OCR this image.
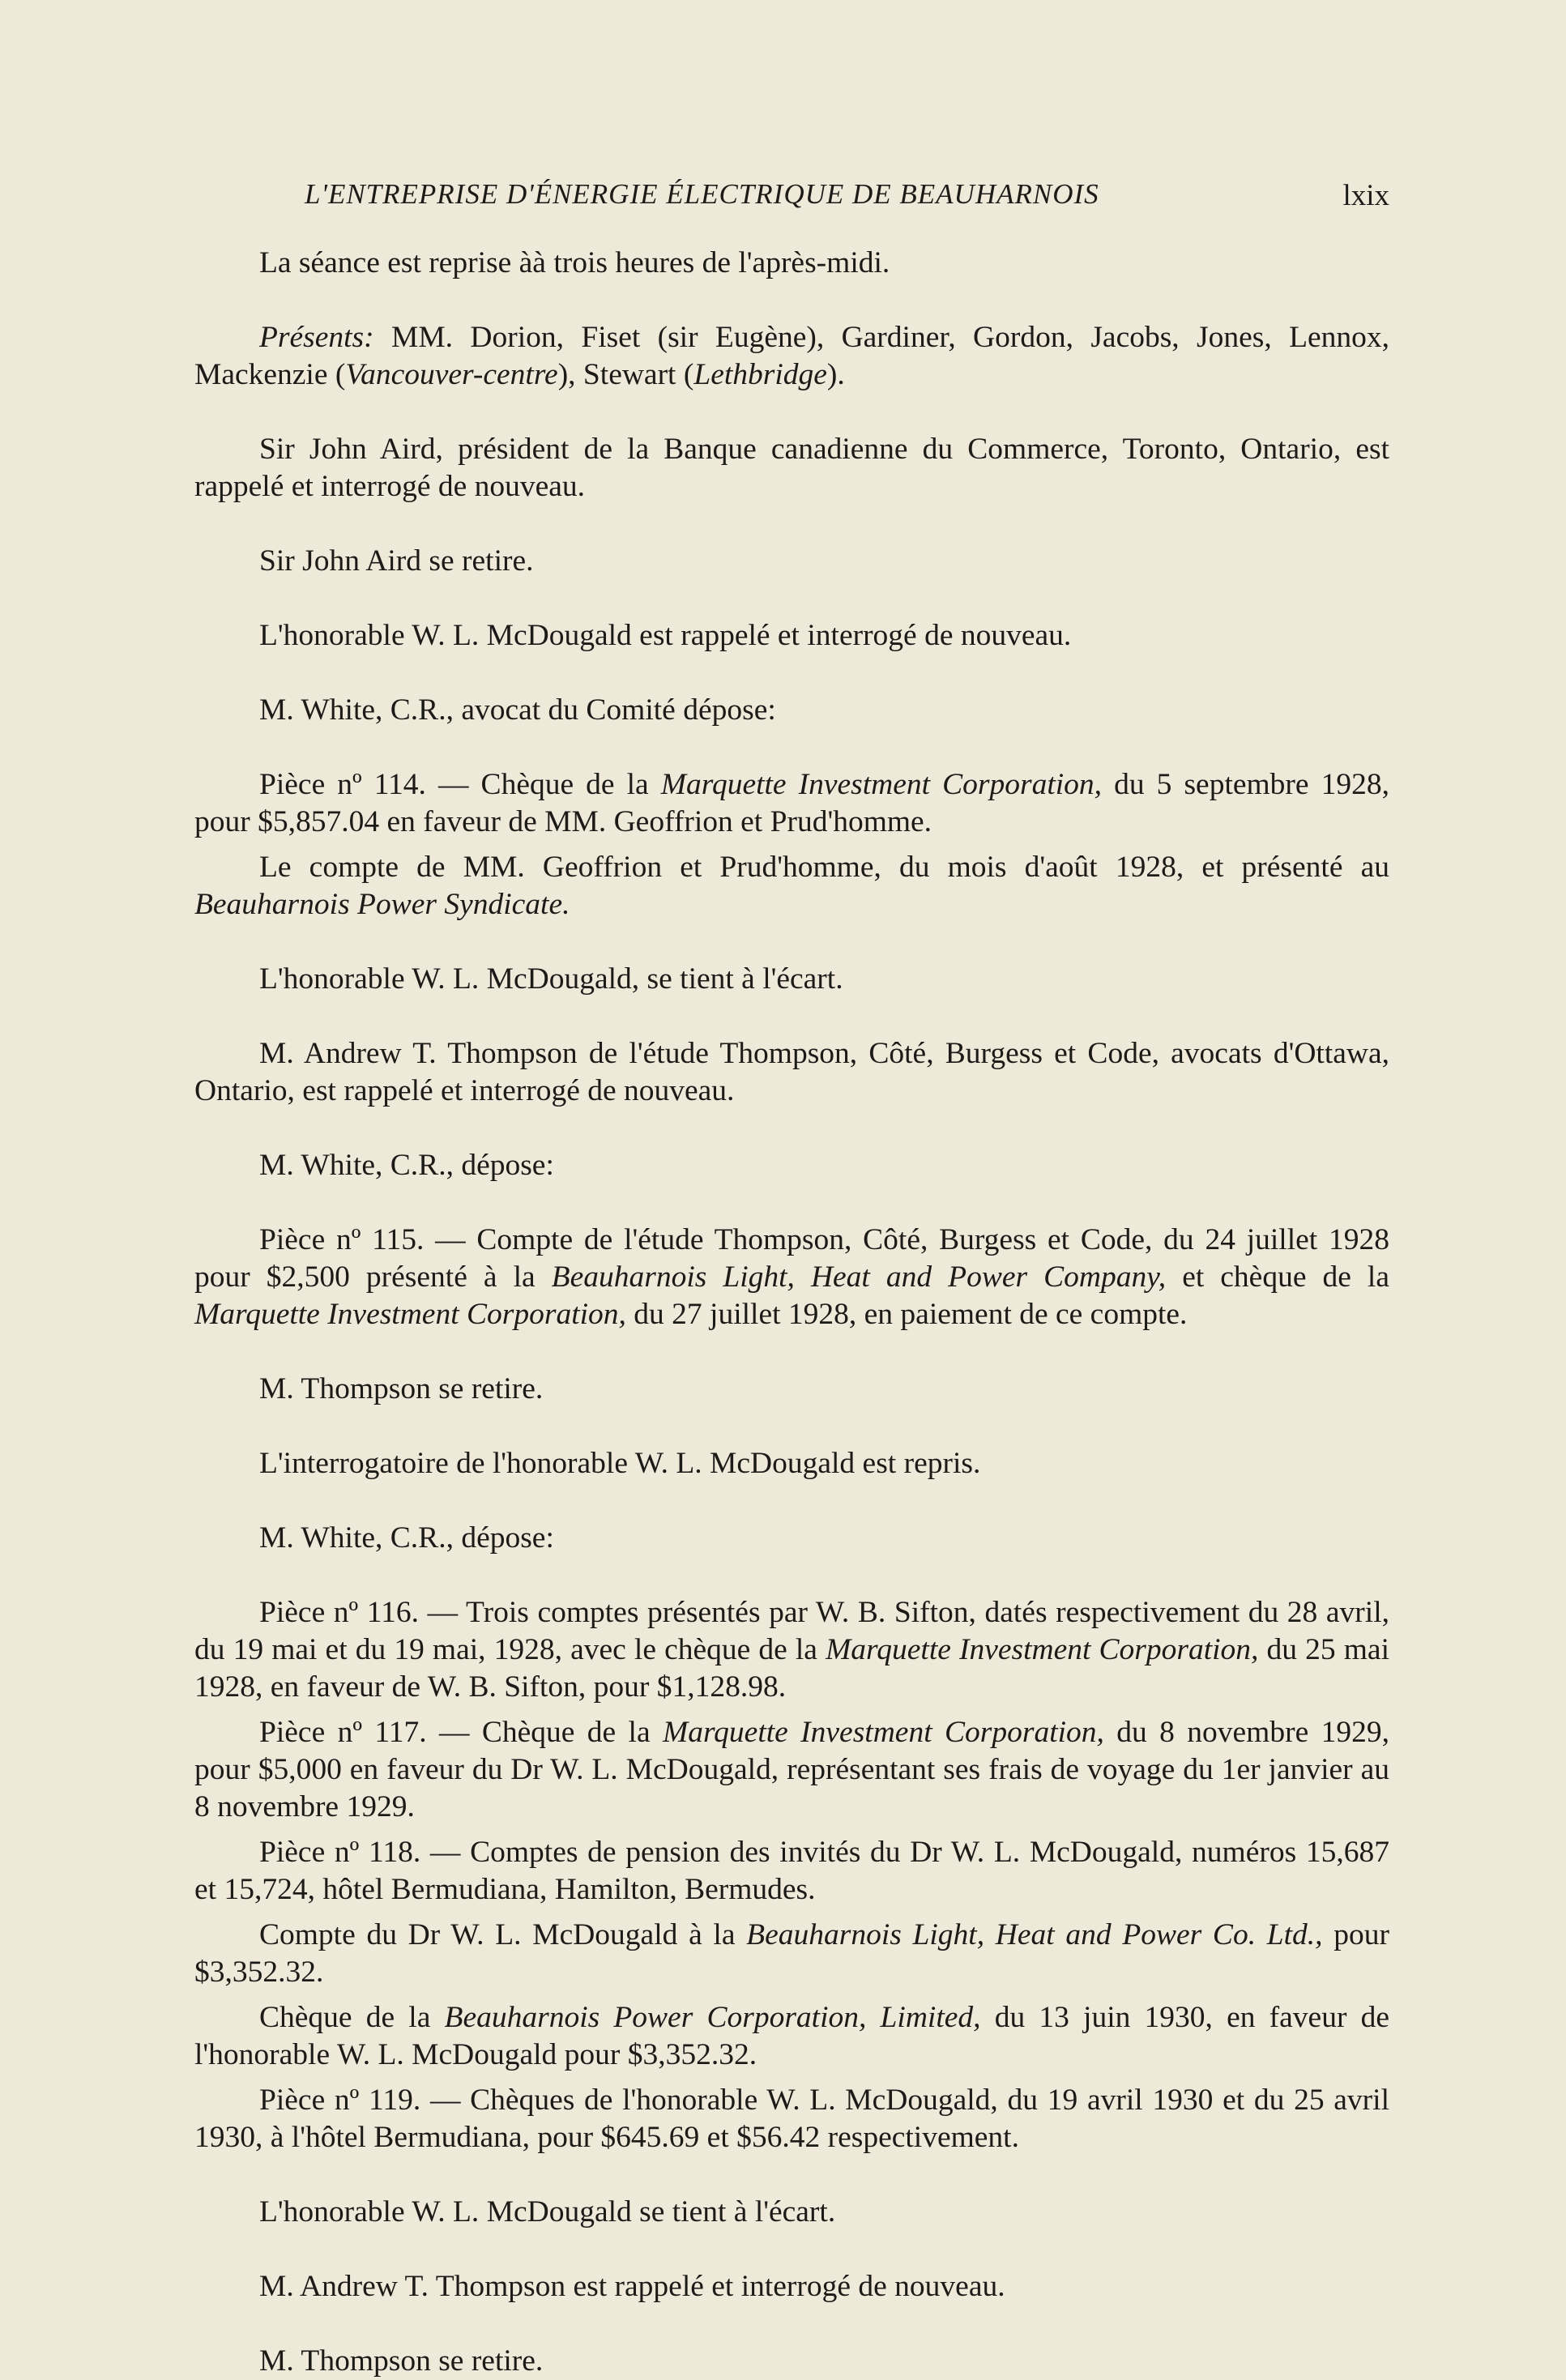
L'ENTREPRISE D'ÉNERGIE ÉLECTRIQUE DE BEAUHARNOIS	lxix

La séance est reprise àà trois heures de l'après-midi.

Présents: MM. Dorion, Fiset (sir Eugène), Gardiner, Gordon, Jacobs, Jones, Lennox, Mackenzie (Vancouver-centre), Stewart (Lethbridge).

Sir John Aird, président de la Banque canadienne du Commerce, Toronto, Ontario, est rappelé et interrogé de nouveau.

Sir John Aird se retire.

L'honorable W. L. McDougald est rappelé et interrogé de nouveau.

M. White, C.R., avocat du Comité dépose:

Pièce nº 114. — Chèque de la Marquette Investment Corporation, du 5 septembre 1928, pour $5,857.04 en faveur de MM. Geoffrion et Prud'homme.

Le compte de MM. Geoffrion et Prud'homme, du mois d'août 1928, et présenté au Beauharnois Power Syndicate.

L'honorable W. L. McDougald, se tient à l'écart.

M. Andrew T. Thompson de l'étude Thompson, Côté, Burgess et Code, avocats d'Ottawa, Ontario, est rappelé et interrogé de nouveau.

M. White, C.R., dépose:

Pièce nº 115. — Compte de l'étude Thompson, Côté, Burgess et Code, du 24 juillet 1928 pour $2,500 présenté à la Beauharnois Light, Heat and Power Company, et chèque de la Marquette Investment Corporation, du 27 juillet 1928, en paiement de ce compte.

M. Thompson se retire.

L'interrogatoire de l'honorable W. L. McDougald est repris.

M. White, C.R., dépose:

Pièce nº 116. — Trois comptes présentés par W. B. Sifton, datés respectivement du 28 avril, du 19 mai et du 19 mai, 1928, avec le chèque de la Marquette Investment Corporation, du 25 mai 1928, en faveur de W. B. Sifton, pour $1,128.98.

Pièce nº 117. — Chèque de la Marquette Investment Corporation, du 8 novembre 1929, pour $5,000 en faveur du Dr W. L. McDougald, représentant ses frais de voyage du 1er janvier au 8 novembre 1929.

Pièce nº 118. — Comptes de pension des invités du Dr W. L. McDougald, numéros 15,687 et 15,724, hôtel Bermudiana, Hamilton, Bermudes.

Compte du Dr W. L. McDougald à la Beauharnois Light, Heat and Power Co. Ltd., pour $3,352.32.

Chèque de la Beauharnois Power Corporation, Limited, du 13 juin 1930, en faveur de l'honorable W. L. McDougald pour $3,352.32.

Pièce nº 119. — Chèques de l'honorable W. L. McDougald, du 19 avril 1930 et du 25 avril 1930, à l'hôtel Bermudiana, pour $645.69 et $56.42 respectivement.

L'honorable W. L. McDougald se tient à l'écart.

M. Andrew T. Thompson est rappelé et interrogé de nouveau.

M. Thompson se retire.
